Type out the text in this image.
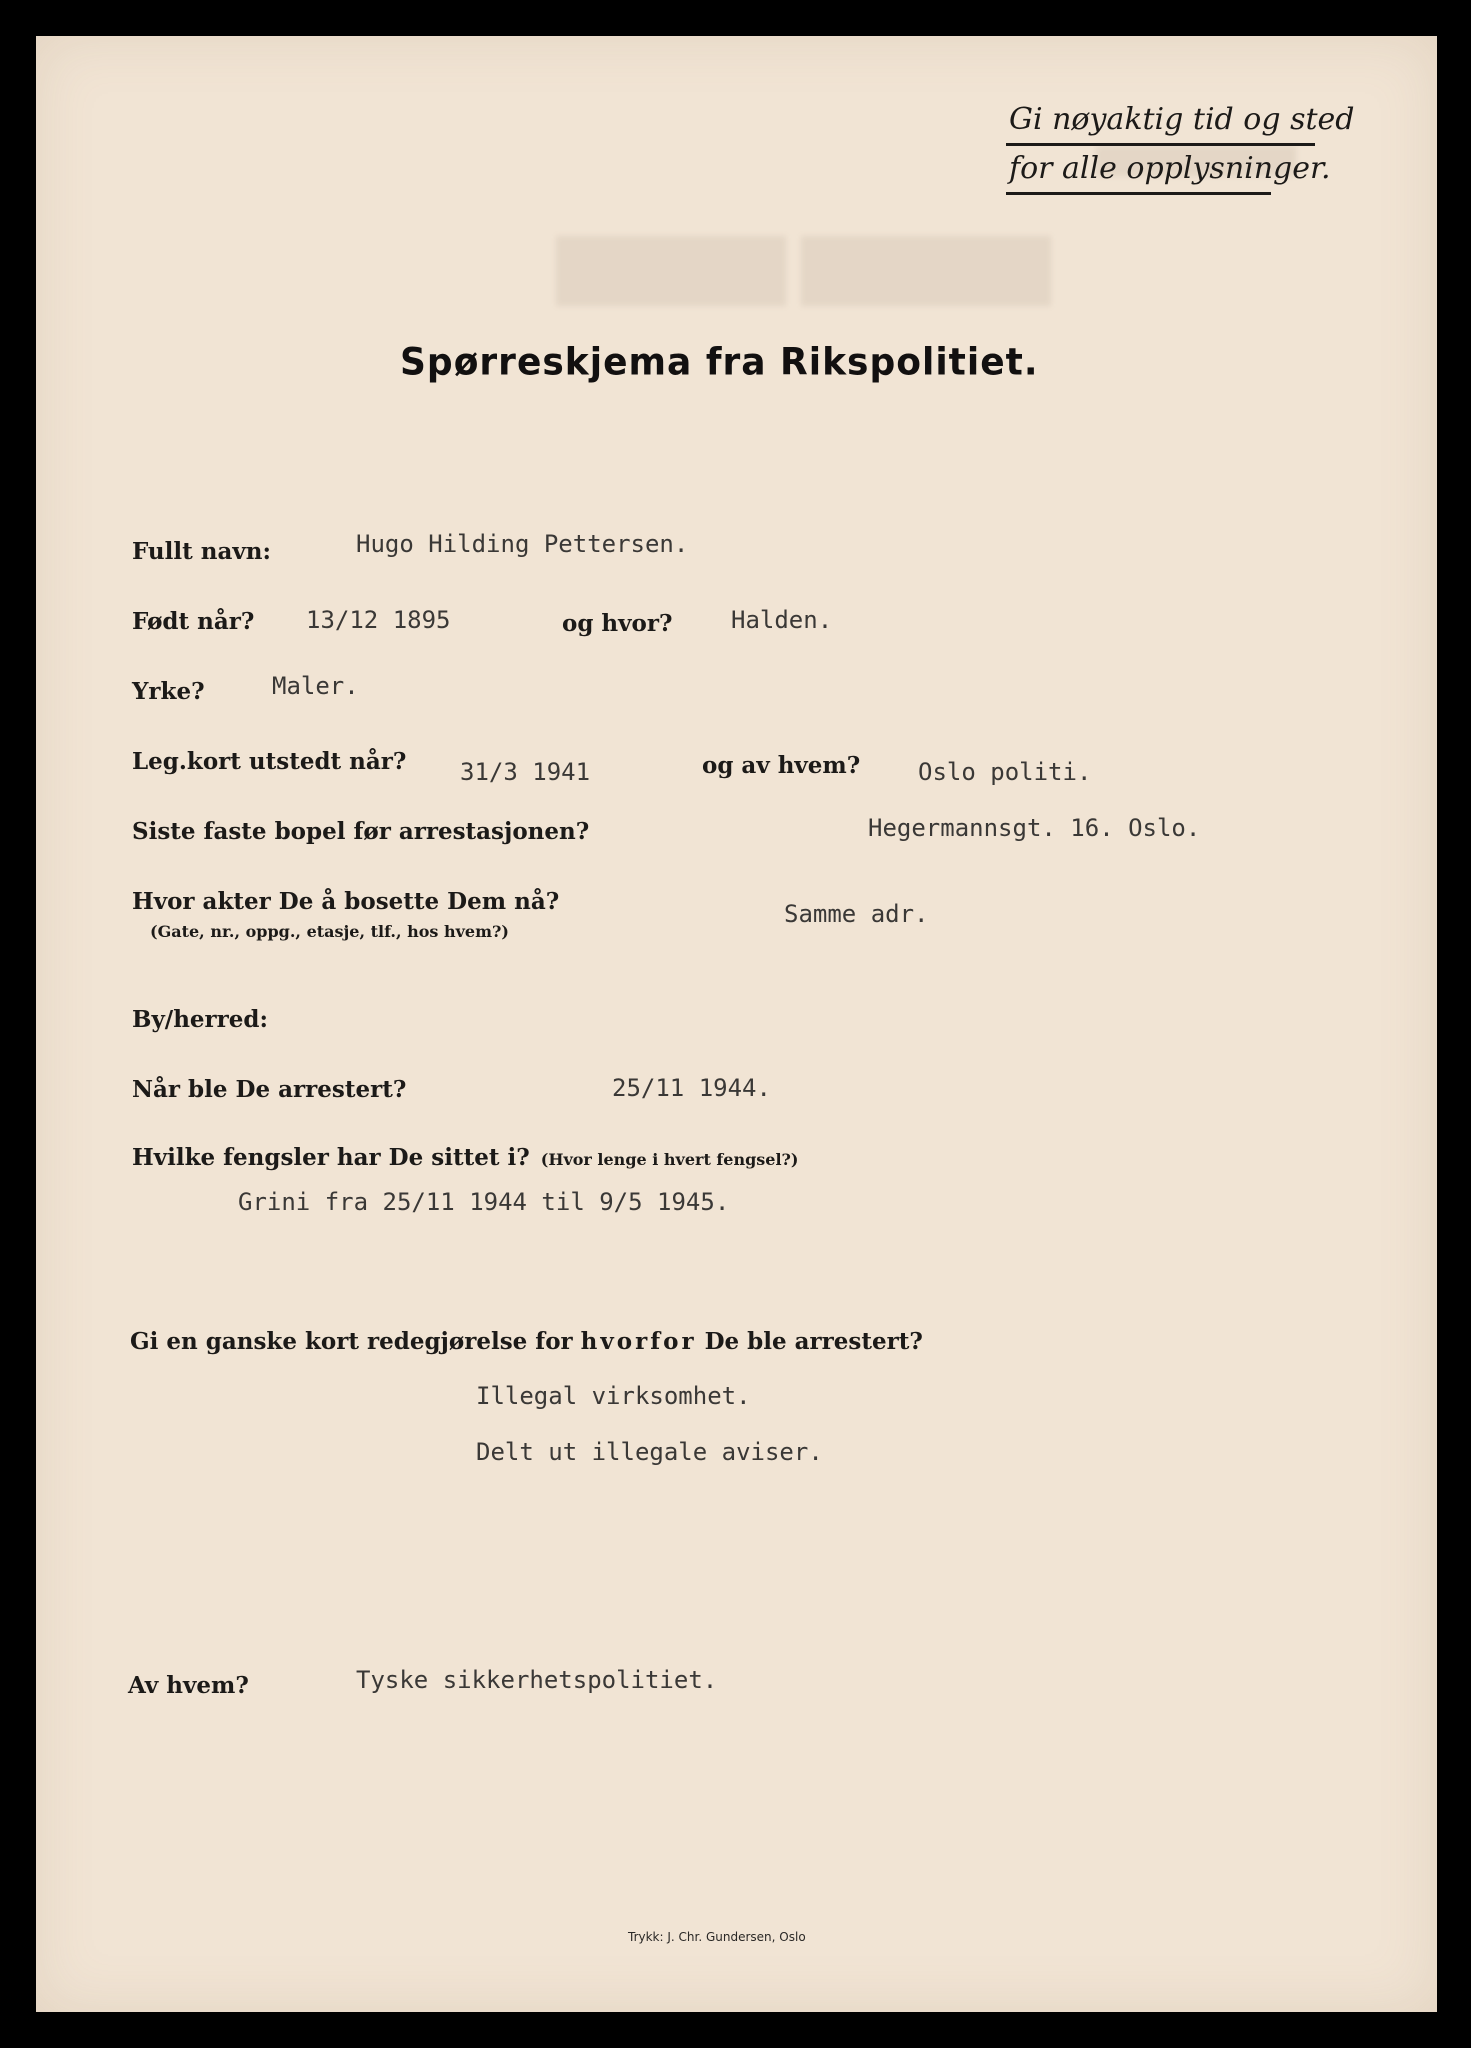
Gi nøyaktig tid og sted
for alle opplysninger.
Spørreskjema fra Rikspolitiet.
Fullt navn:	Hugo Hilding Pettersen.
Født når? 13/12 1895	og hvor? Halden.
Yrke?	Maler.
Leg.kort utstedt når? 31/3 1941	og av hvem? Oslo politi.
Siste faste bopel før arrestasjonen?	Hegermannsgt. 16. Oslo.
Hvor akter De å bosette Dem nå?
(Gate, nr., oppg., etasje, tlf., hos hvem?)
Samme adr.
By/herred:
Når ble De arrestert?	25/11 1944.
Hvilke fengsler har De sittet i? (Hvor lenge i hvert fengsel?)
Grini fra 25/11 1944 til 9/5 1945.
Gi en ganske kort redegjørelse for hvorfor De ble arrestert?
Illegal virksomhet.
Delt ut illegale aviser.
Av hvem?	Tyske sikkerhetspolitiet.
Trykk: J. Chr. Gundersen, Oslo
